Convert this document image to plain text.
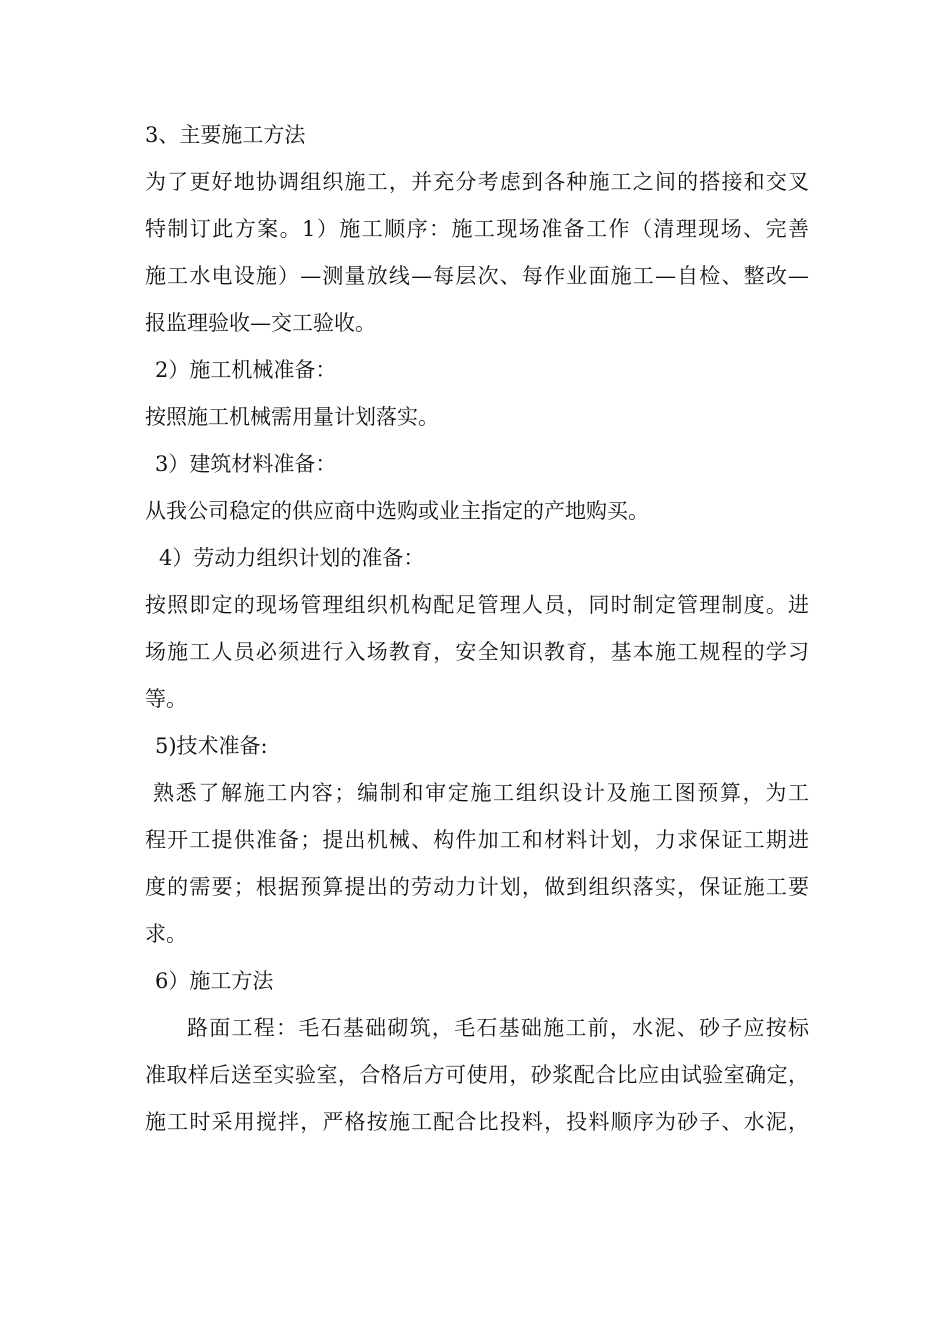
3、主要施工方法
为了更好地协调组织施工，并充分考虑到各种施工之间的搭接和交叉
特制订此方案。1）施工顺序：施工现场准备工作（清理现场、完善
施工水电设施）—测量放线—每层次、每作业面施工—自检、整改—
报监理验收—交工验收。
2）施工机械准备：
按照施工机械需用量计划落实。
3）建筑材料准备：
从我公司稳定的供应商中选购或业主指定的产地购买。
4）劳动力组织计划的准备：
按照即定的现场管理组织机构配足管理人员，同时制定管理制度。进
场施工人员必须进行入场教育，安全知识教育，基本施工规程的学习
等。
5)技术准备:
熟悉了解施工内容；编制和审定施工组织设计及施工图预算，为工
程开工提供准备；提出机械、构件加工和材料计划，力求保证工期进
度的需要；根据预算提出的劳动力计划，做到组织落实，保证施工要
求。
6）施工方法
路面工程：毛石基础砌筑，毛石基础施工前，水泥、砂子应按标
准取样后送至实验室，合格后方可使用，砂浆配合比应由试验室确定，
施工时采用搅拌，严格按施工配合比投料，投料顺序为砂子、水泥，
